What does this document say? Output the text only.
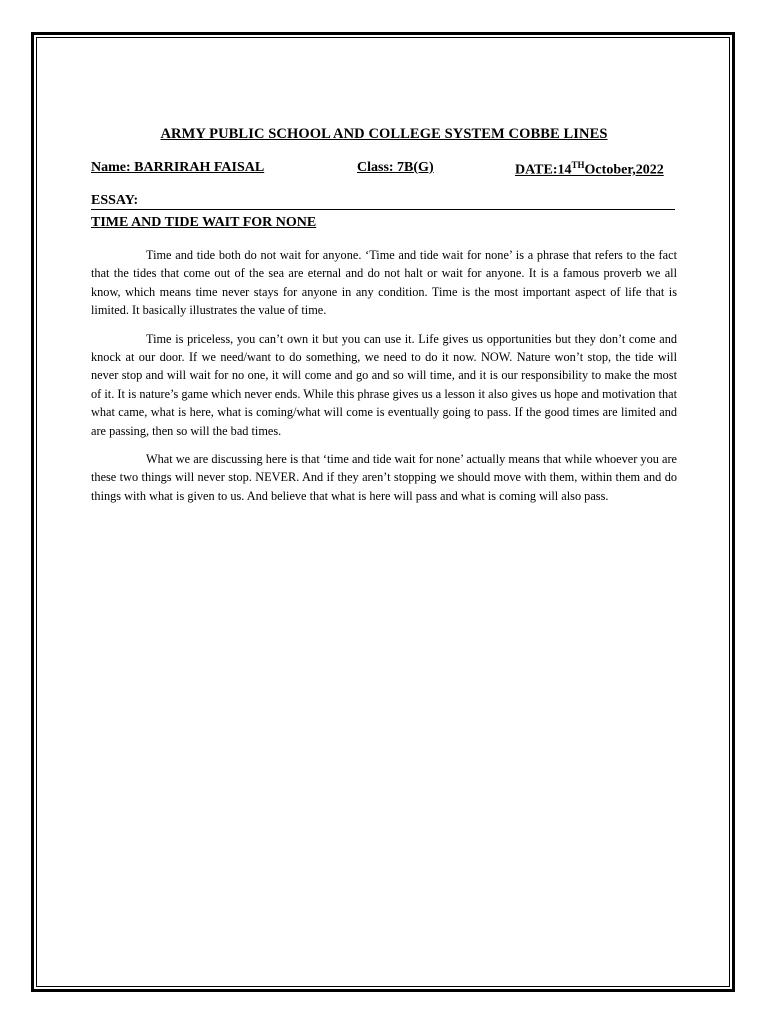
ARMY PUBLIC SCHOOL AND COLLEGE SYSTEM COBBE LINES
Name: BARRIRAH FAISAL	Class: 7B(G)	DATE:14THOctober,2022
ESSAY:
TIME AND TIDE WAIT FOR NONE

Time and tide both do not wait for anyone. ‘Time and tide wait for none’ is a phrase that refers to the fact that the tides that come out of the sea are eternal and do not halt or wait for anyone. It is a famous proverb we all know, which means time never stays for anyone in any condition. Time is the most important aspect of life that is limited. It basically illustrates the value of time.

Time is priceless, you can’t own it but you can use it. Life gives us opportunities but they don’t come and knock at our door. If we need/want to do something, we need to do it now. NOW. Nature won’t stop, the tide will never stop and will wait for no one, it will come and go and so will time, and it is our responsibility to make the most of it. It is nature’s game which never ends. While this phrase gives us a lesson it also gives us hope and motivation that what came, what is here, what is coming/what will come is eventually going to pass. If the good times are limited and are passing, then so will the bad times.

What we are discussing here is that ‘time and tide wait for none’ actually means that while whoever you are these two things will never stop. NEVER. And if they aren’t stopping we should move with them, within them and do things with what is given to us. And believe that what is here will pass and what is coming will also pass.
